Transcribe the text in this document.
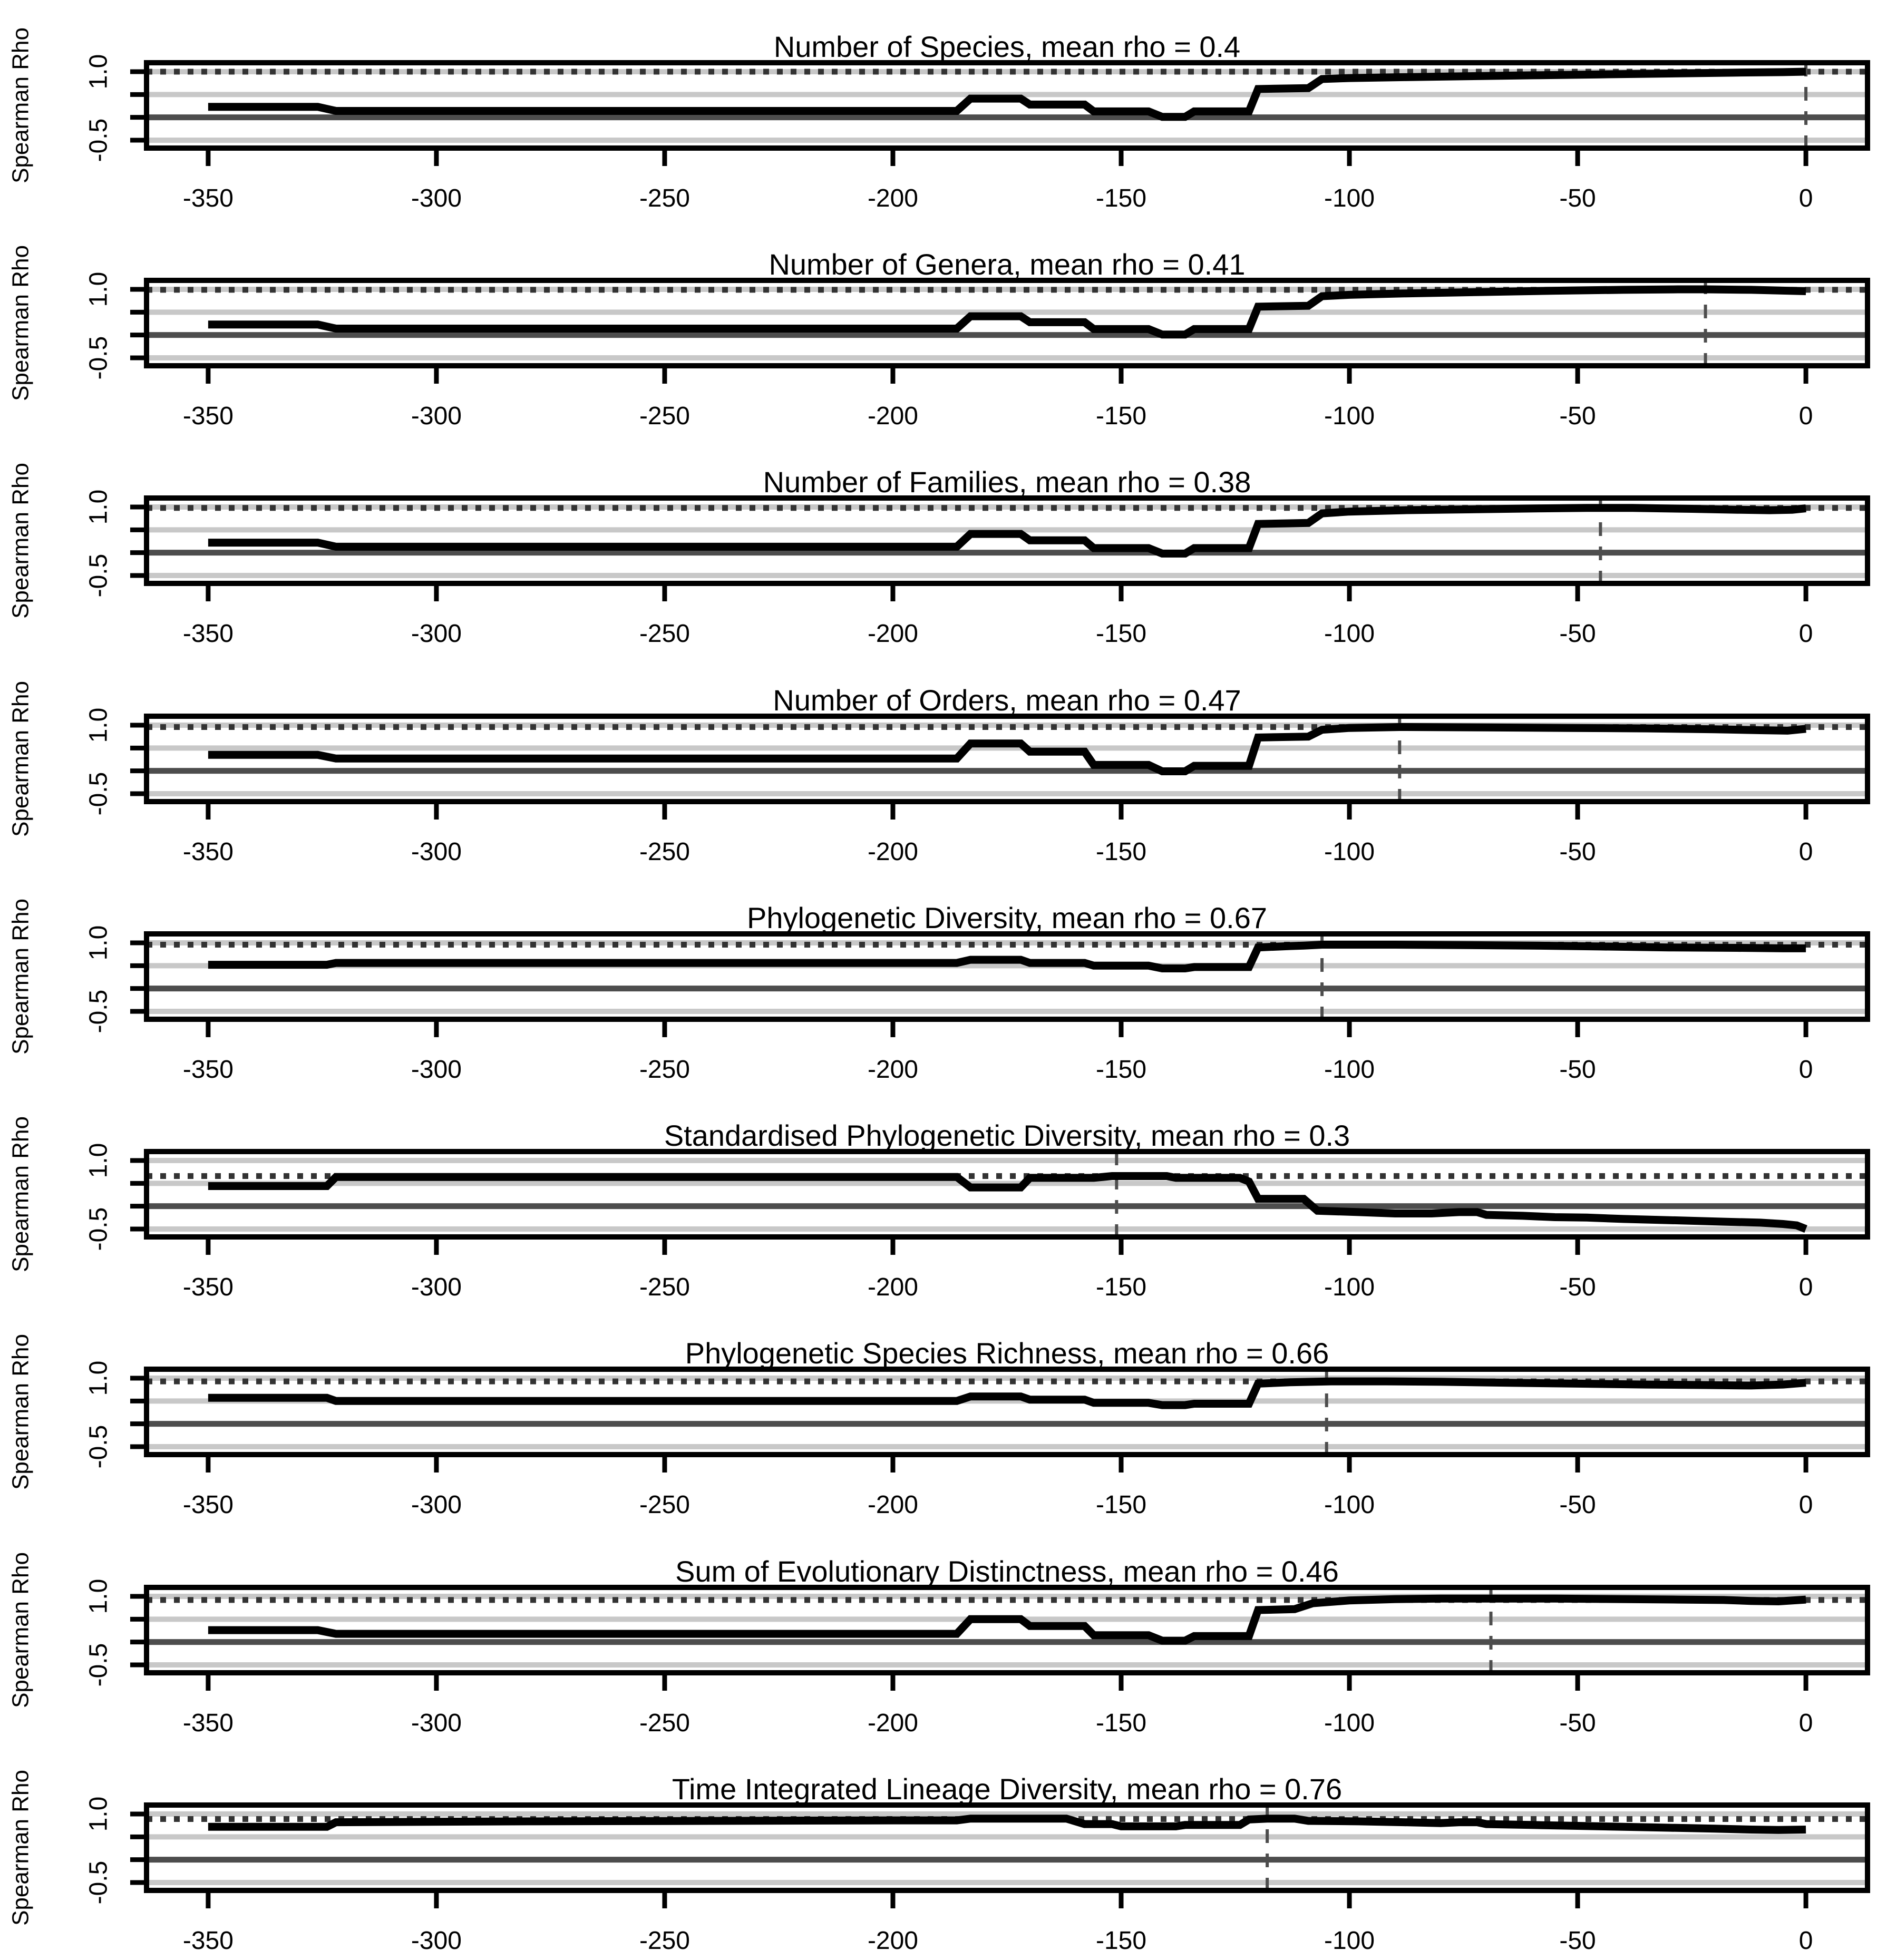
1.0
-0.5
-350	-300	-250	-200	-150	-100	-50	0
Spearman Rho	Number of Species, mean rho = 0.4
1.0
-0.5
-350	-300	-250	-200	-150	-100	-50	0
Spearman Rho	Number of Genera, mean rho = 0.41
1.0
-0.5
-350	-300	-250	-200	-150	-100	-50	0
Spearman Rho	Number of Families, mean rho = 0.38
1.0
-0.5
-350	-300	-250	-200	-150	-100	-50	0
Spearman Rho	Number of Orders, mean rho = 0.47
1.0
-0.5
-350	-300	-250	-200	-150	-100	-50	0
Spearman Rho	Phylogenetic Diversity, mean rho = 0.67
1.0
-0.5
-350	-300	-250	-200	-150	-100	-50	0
Spearman Rho	Standardised Phylogenetic Diversity, mean rho = 0.3
1.0
-0.5
-350	-300	-250	-200	-150	-100	-50	0
Spearman Rho	Phylogenetic Species Richness, mean rho = 0.66
1.0
-0.5
-350	-300	-250	-200	-150	-100	-50	0
Spearman Rho	Sum of Evolutionary Distinctness, mean rho = 0.46
1.0
-0.5
-350	-300	-250	-200	-150	-100	-50	0
Spearman Rho	Time Integrated Lineage Diversity, mean rho = 0.76
